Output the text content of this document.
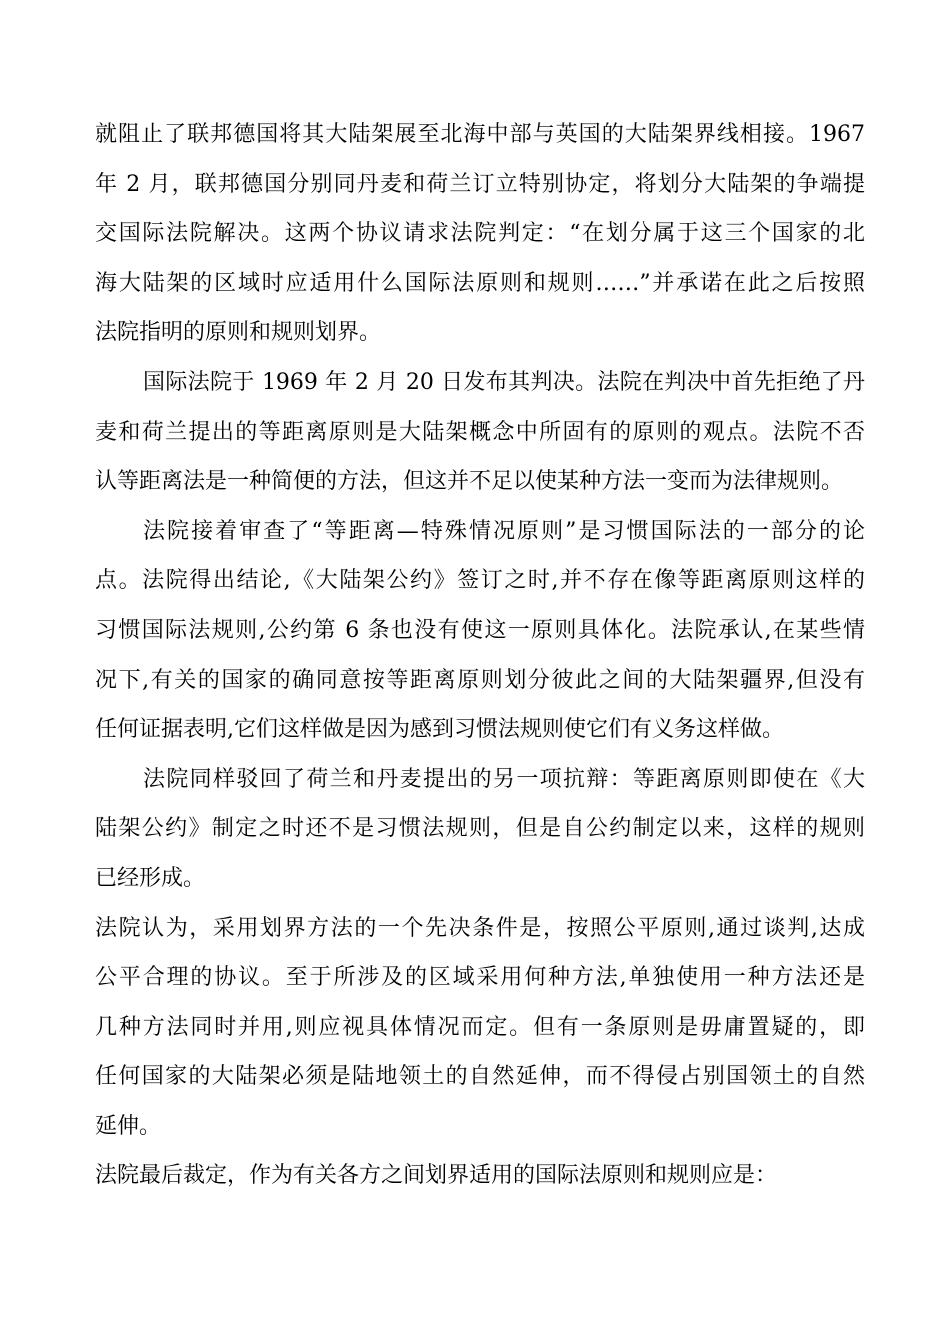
就阻止了联邦德国将其大陆架展至北海中部与英国的大陆架界线相接。1967
年 2 月，联邦德国分别同丹麦和荷兰订立特别协定，将划分大陆架的争端提
交国际法院解决。这两个协议请求法院判定：“在划分属于这三个国家的北
海大陆架的区域时应适用什么国际法原则和规则……”并承诺在此之后按照
法院指明的原则和规则划界。
国际法院于 1969 年 2 月 20 日发布其判决。法院在判决中首先拒绝了丹
麦和荷兰提出的等距离原则是大陆架概念中所固有的原则的观点。法院不否
认等距离法是一种简便的方法，但这并不足以使某种方法一变而为法律规则。
法院接着审查了“等距离—特殊情况原则”是习惯国际法的一部分的论
点。法院得出结论,《大陆架公约》签订之时,并不存在像等距离原则这样的
习惯国际法规则,公约第 6 条也没有使这一原则具体化。法院承认,在某些情
况下,有关的国家的确同意按等距离原则划分彼此之间的大陆架疆界,但没有
任何证据表明,它们这样做是因为感到习惯法规则使它们有义务这样做。
法院同样驳回了荷兰和丹麦提出的另一项抗辩：等距离原则即使在《大
陆架公约》制定之时还不是习惯法规则，但是自公约制定以来，这样的规则
已经形成。
法院认为，采用划界方法的一个先决条件是，按照公平原则,通过谈判,达成
公平合理的协议。至于所涉及的区域采用何种方法,单独使用一种方法还是
几种方法同时并用,则应视具体情况而定。但有一条原则是毋庸置疑的，即
任何国家的大陆架必须是陆地领土的自然延伸，而不得侵占别国领土的自然
延伸。
法院最后裁定，作为有关各方之间划界适用的国际法原则和规则应是：
